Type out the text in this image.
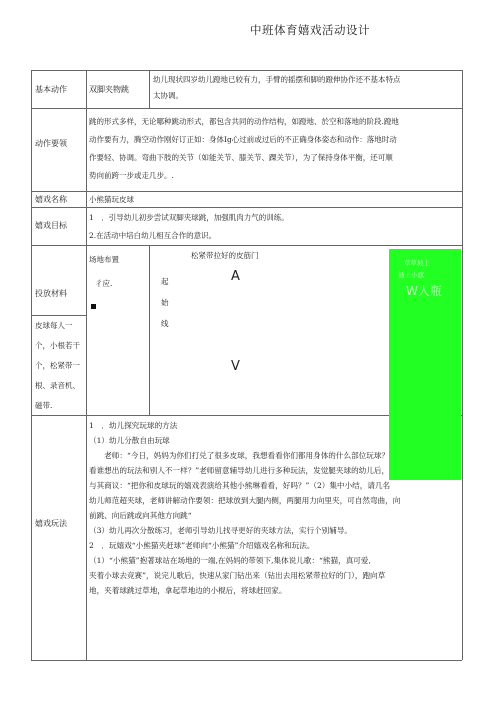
中班体育嬉戏活动设计
基本动作	双脚夹物跳
幼儿现状四岁幼儿蹬地已较有力，手臂的摇摆和脚的蹬伸协作还不基本特点
太协调。
动作要领
跳的形式多样，无论哪种跳动形式，都包含共同的动作结构，如蹬地、於空和落地的阶段.蹬地
动作要有力，腾空动作刚好订正如：身体Ig心过前或过后的不正确身体姿态和动作：落地时动
作要轻、协调。弯曲下肢的关节（如能关节、膝关节、踝关节），为了保持身体平衡，还可顺
势向前跨一步或走几步。.
嬉戏名称	小熊猫玩皮球
嬉戏目标
1　．引导幼儿初步尝试双脚夹球跳，加强肌肉力气的训练。
2.在活动中培白幼儿相互合作的意识。
投放材料
皮球每人一
个，小根若干
个，松紧带一
根、录音机、
磁带.
场地布置
彳应.
松紧带拉好的皮筋门
起
始
线
A
V
草草坡上
插上小旗
W人瓶
嬉戏玩法
1　．幼儿探究玩球的方法
（1）幼儿分散自由玩球
　　老师：“今日，妈妈为你们打兑了很多皮球，我想看看你们都用身体的什么部位玩球？
看谁想出的玩法和别人不一样？”老师留意辅导幼儿进行多种玩法，发觉腿夹球的幼儿后，
与其商议：“把你和皮球玩的嬉戏表演给其他小熊琳看看，好吗？”（2）集中小结，请几名
幼儿师范超夹球，老师讲解动作要领：把球放到大腿内侧，两腿用力向里夹，可自然弯曲，向
前跳、向后跳或向其他方向跳“
（3）幼儿再次分散练习，老师引导幼儿找寻更好的夹球方法，实行个别辅导。
2　．玩嬉戏“小熊猫夹赶球”老师向“小熊猫”介绍嬉戏名称和玩法。
（1）“小熊猫”抱著球站在场地的一端,在妈妈的带领下,集体说儿歌：“熊猫，真可爱,
夹着小球去竞赛”，说完儿歌后，快速从家门钻出来（钻出去用松紧带拉好的门），跑向草
地，夹着球跳过草地，拿起草地边的小棍后，将球赶回家。
